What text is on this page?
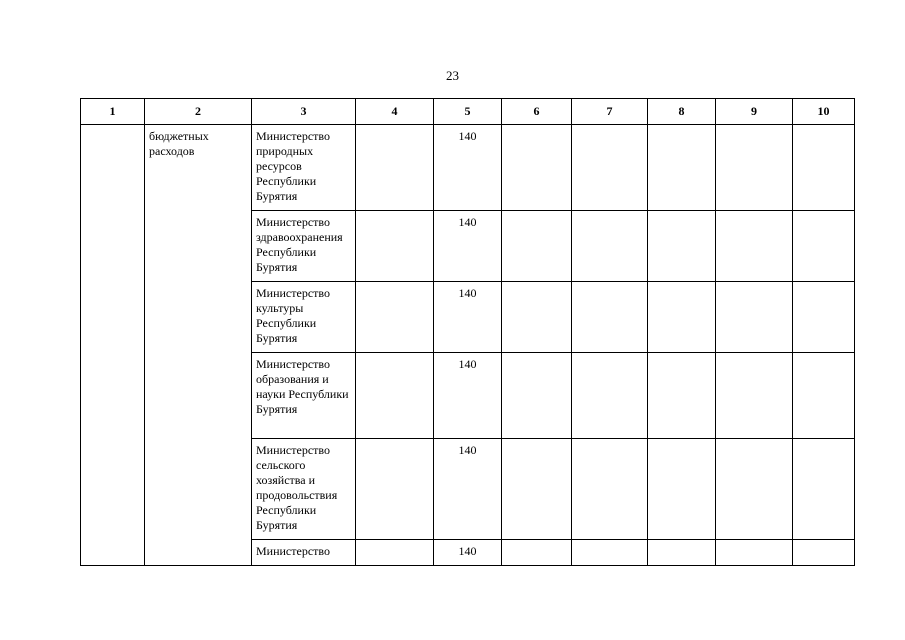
23
1	2	3	4	5	6	7	8	9	10
	бюджетных расходов	Министерство природных ресурсов Республики Бурятия		140					
		Министерство здравоохранения Республики Бурятия		140					
		Министерство культуры Республики Бурятия		140					
		Министерство образования и науки Республики Бурятия		140					
		Министерство сельского хозяйства и продовольствия Республики Бурятия		140					
		Министерство		140					
